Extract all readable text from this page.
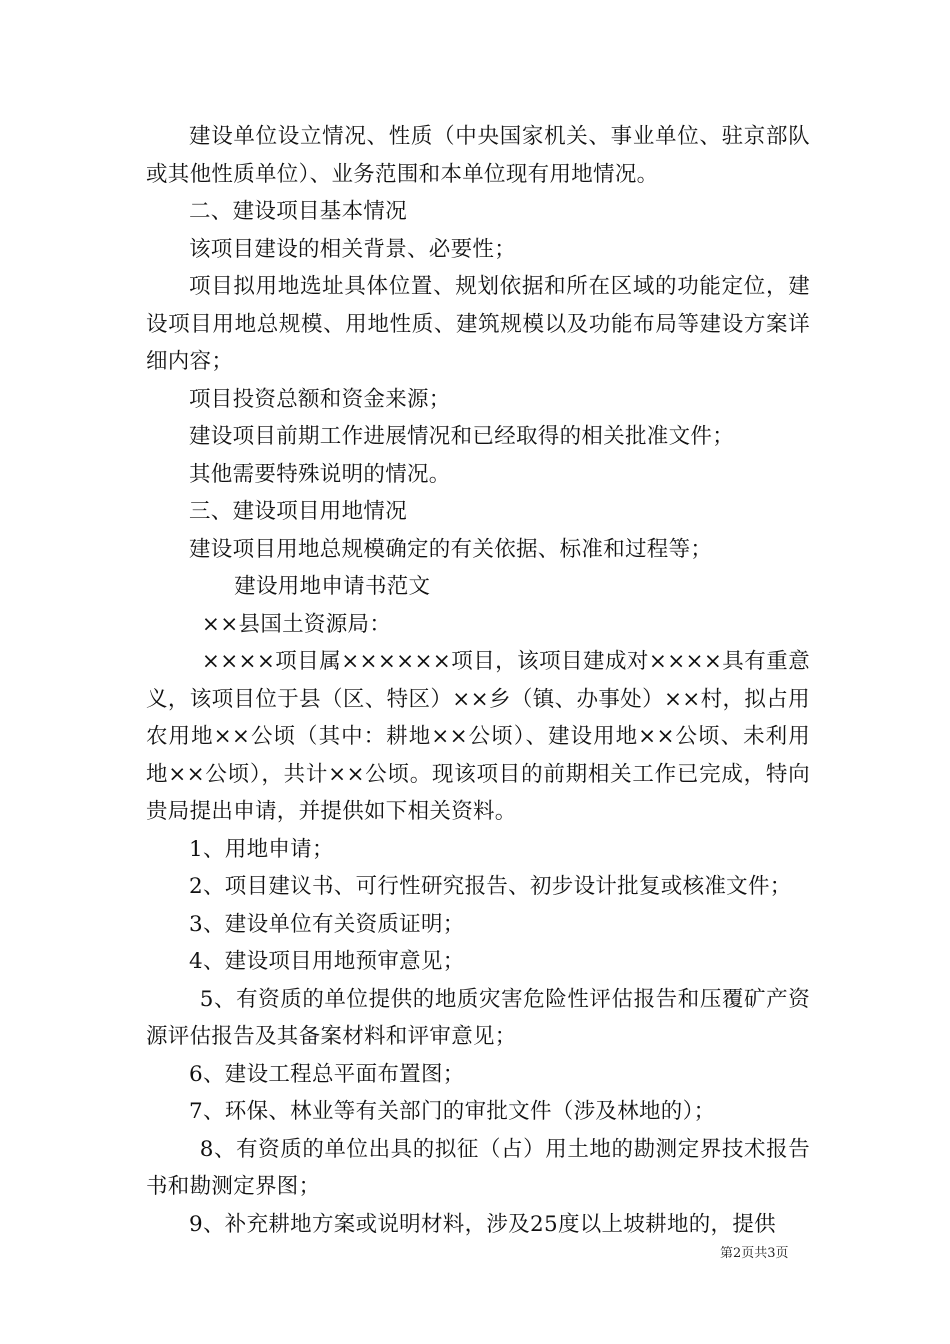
建设单位设立情况、性质（中央国家机关、事业单位、驻京部队或其他性质单位）、业务范围和本单位现有用地情况。

二、建设项目基本情况

该项目建设的相关背景、必要性；

项目拟用地选址具体位置、规划依据和所在区域的功能定位，建设项目用地总规模、用地性质、建筑规模以及功能布局等建设方案详细内容；

项目投资总额和资金来源；

建设项目前期工作进展情况和已经取得的相关批准文件；

其他需要特殊说明的情况。

三、建设项目用地情况

建设项目用地总规模确定的有关依据、标准和过程等；

建设用地申请书范文

××县国土资源局：

××××项目属××××××项目，该项目建成对××××具有重意义，该项目位于县（区、特区）××乡（镇、办事处）××村，拟占用农用地××公顷（其中：耕地××公顷）、建设用地××公顷、未利用地××公顷），共计××公顷。现该项目的前期相关工作已完成，特向贵局提出申请，并提供如下相关资料。

1、用地申请；

2、项目建议书、可行性研究报告、初步设计批复或核准文件；

3、建设单位有关资质证明；

4、建设项目用地预审意见；

5、有资质的单位提供的地质灾害危险性评估报告和压覆矿产资源评估报告及其备案材料和评审意见；

6、建设工程总平面布置图；

7、环保、林业等有关部门的审批文件（涉及林地的）；

8、有资质的单位出具的拟征（占）用土地的勘测定界技术报告书和勘测定界图；

9、补充耕地方案或说明材料，涉及25度以上坡耕地的，提供

第2页共3页
